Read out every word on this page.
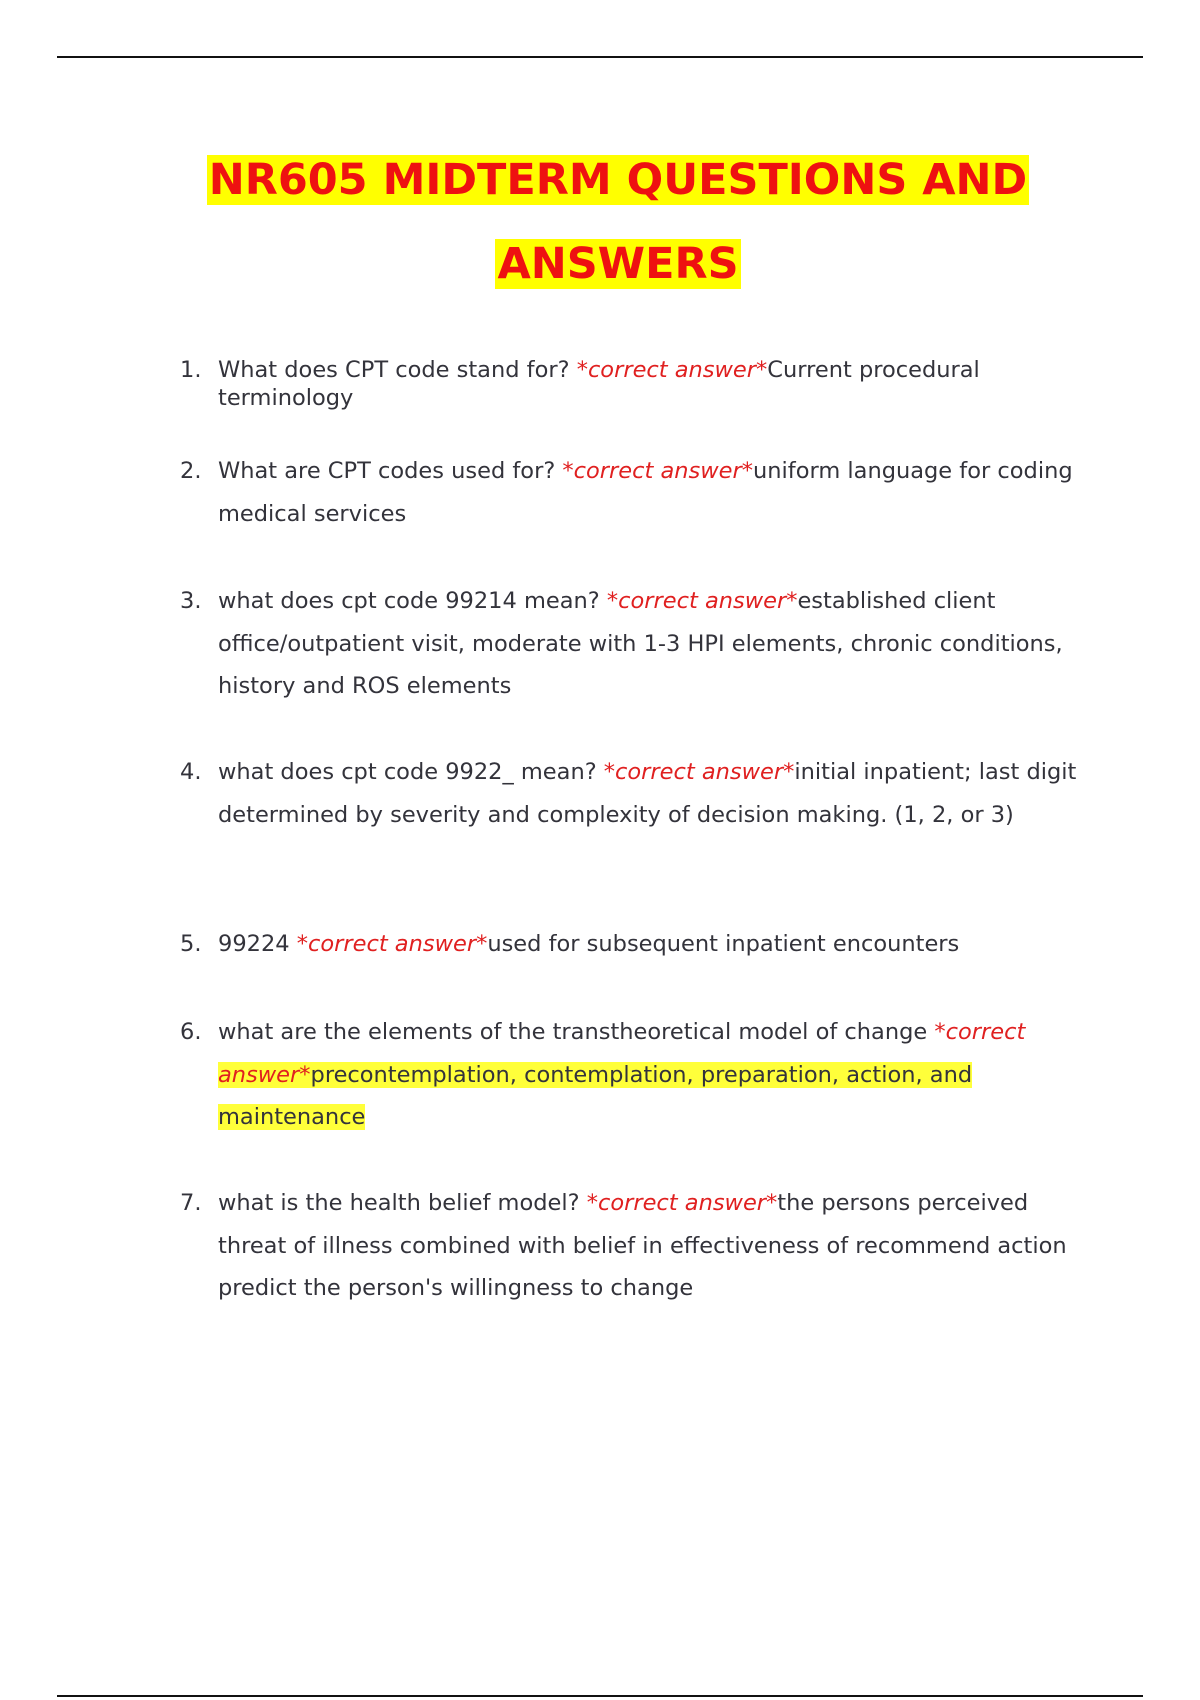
NR605 MIDTERM QUESTIONS AND
ANSWERS
1. What does CPT code stand for? *correct answer*Current procedural terminology
2. What are CPT codes used for? *correct answer*uniform language for coding medical services
3. what does cpt code 99214 mean? *correct answer*established client office/outpatient visit, moderate with 1-3 HPI elements, chronic conditions, history and ROS elements
4. what does cpt code 9922_ mean? *correct answer*initial inpatient; last digit determined by severity and complexity of decision making. (1, 2, or 3)
5. 99224 *correct answer*used for subsequent inpatient encounters
6. what are the elements of the transtheoretical model of change *correct answer*precontemplation, contemplation, preparation, action, and maintenance
7. what is the health belief model? *correct answer*the persons perceived threat of illness combined with belief in effectiveness of recommend action predict the person's willingness to change
